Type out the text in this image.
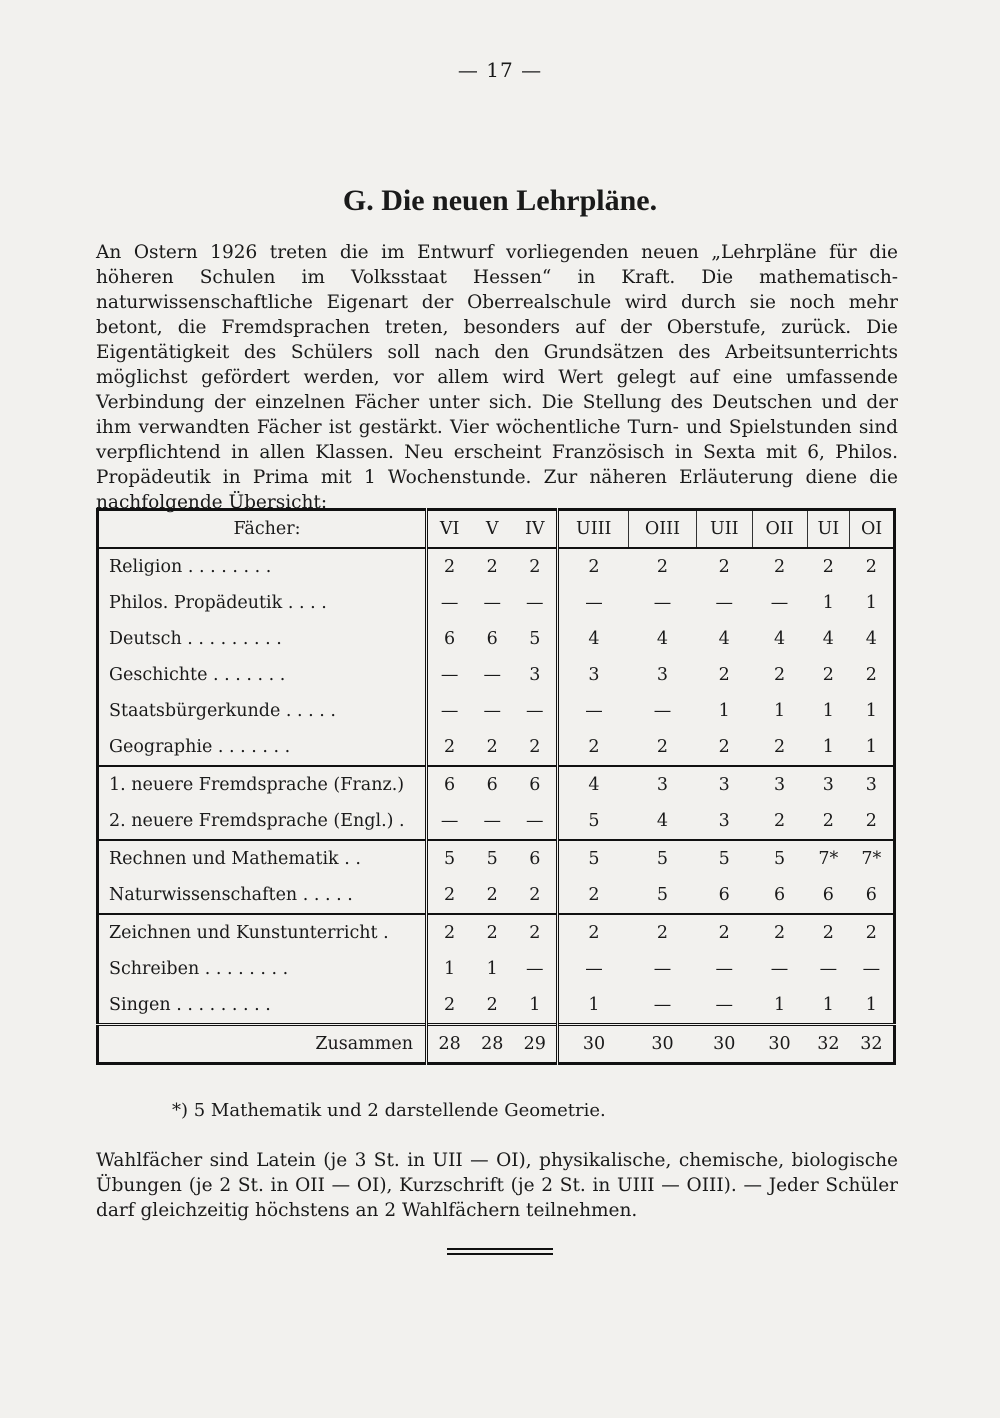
— 17 —
G. Die neuen Lehrpläne.

An Ostern 1926 treten die im Entwurf vorliegenden neuen „Lehrpläne für die höheren Schulen im Volksstaat Hessen“ in Kraft. Die mathematisch-naturwissenschaftliche Eigenart der Oberrealschule wird durch sie noch mehr betont, die Fremdsprachen treten, besonders auf der Oberstufe, zurück. Die Eigentätigkeit des Schülers soll nach den Grundsätzen des Arbeitsunterrichts möglichst gefördert werden, vor allem wird Wert gelegt auf eine umfassende Verbindung der einzelnen Fächer unter sich. Die Stellung des Deutschen und der ihm verwandten Fächer ist gestärkt. Vier wöchentliche Turn- und Spielstunden sind verpflichtend in allen Klassen. Neu erscheint Französisch in Sexta mit 6, Philos. Propädeutik in Prima mit 1 Wochenstunde. Zur näheren Erläuterung diene die nachfolgende Übersicht:

Fächer:	VI	V	IV	UIII	OIII	UII	OII	UI	OI
Religion . . . . . . . .	2	2	2	2	2	2	2	2	2
Philos. Propädeutik . . . .	—	—	—	—	—	—	—	1	1
Deutsch . . . . . . . . .	6	6	5	4	4	4	4	4	4
Geschichte . . . . . . .	—	—	3	3	3	2	2	2	2
Staatsbürgerkunde . . . . .	—	—	—	—	—	1	1	1	1
Geographie . . . . . . .	2	2	2	2	2	2	2	1	1
1. neuere Fremdsprache (Franz.)	6	6	6	4	3	3	3	3	3
2. neuere Fremdsprache (Engl.) .	—	—	—	5	4	3	2	2	2
Rechnen und Mathematik . .	5	5	6	5	5	5	5	7*	7*
Naturwissenschaften . . . . .	2	2	2	2	5	6	6	6	6
Zeichnen und Kunstunterricht .	2	2	2	2	2	2	2	2	2
Schreiben . . . . . . . .	1	1	—	—	—	—	—	—	—
Singen . . . . . . . . .	2	2	1	1	—	—	1	1	1
Zusammen	28	28	29	30	30	30	30	32	32

*) 5 Mathematik und 2 darstellende Geometrie.

Wahlfächer sind Latein (je 3 St. in UII — OI), physikalische, chemische, biologische Übungen (je 2 St. in OII — OI), Kurzschrift (je 2 St. in UIII — OIII). — Jeder Schüler darf gleichzeitig höchstens an 2 Wahlfächern teilnehmen.
